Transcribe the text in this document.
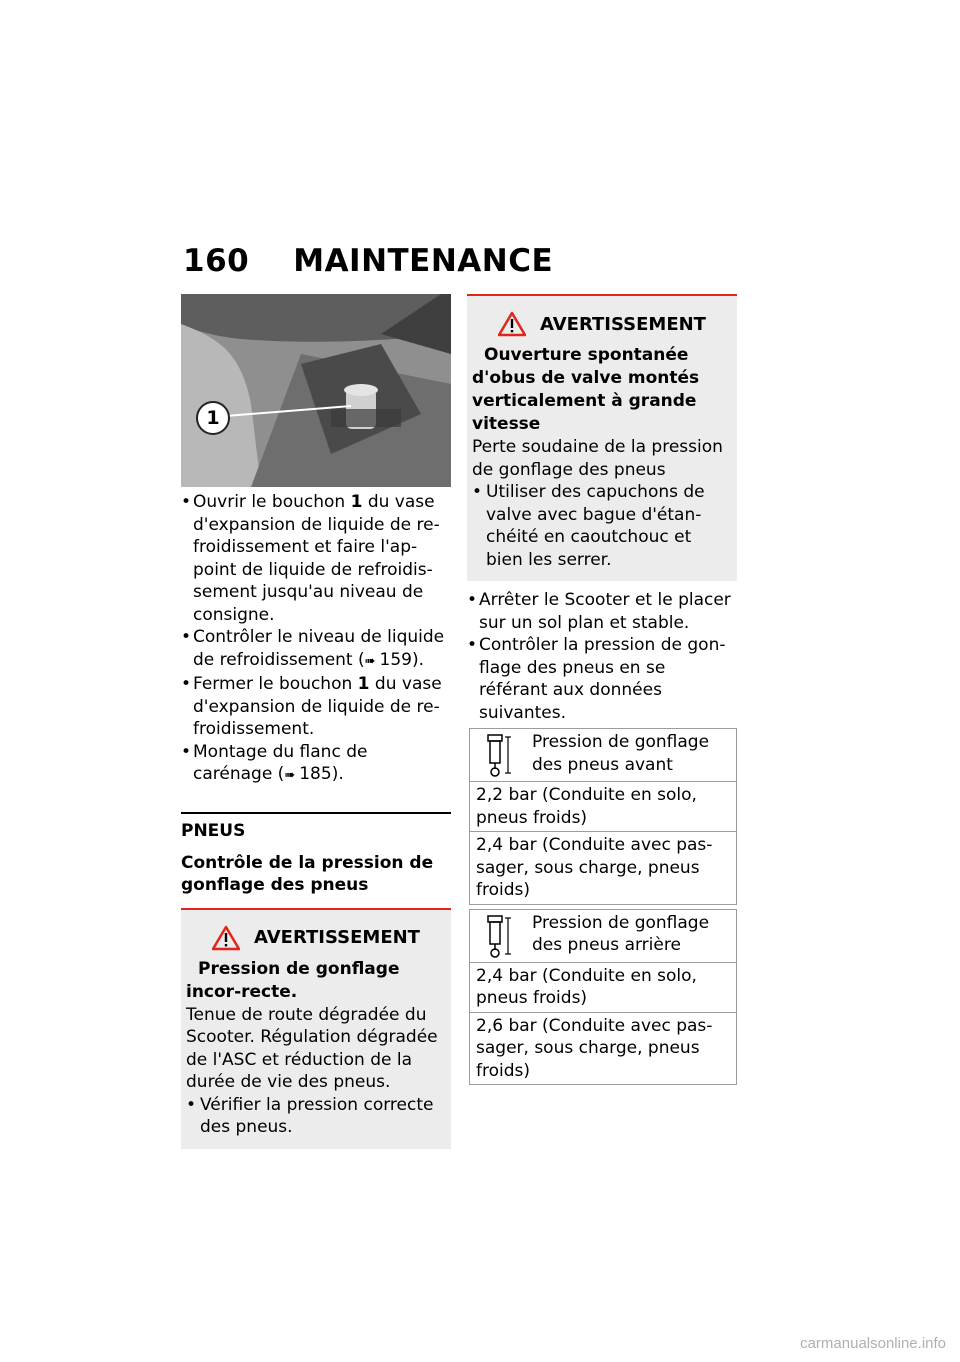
160 MAINTENANCE
1
• Ouvrir le bouchon 1 du vase d'expansion de liquide de re-froidissement et faire l'ap-point de liquide de refroidis-sement jusqu'au niveau de consigne.
• Contrôler le niveau de liquide de refroidissement (➠ 159).
• Fermer le bouchon 1 du vase d'expansion de liquide de re-froidissement.
• Montage du flanc de carénage (➠ 185).
PNEUS
Contrôle de la pression de gonflage des pneus
AVERTISSEMENT
Pression de gonflage incor-recte.
Tenue de route dégradée du Scooter. Régulation dégradée de l'ASC et réduction de la durée de vie des pneus.
• Vérifier la pression correcte des pneus.
AVERTISSEMENT
Ouverture spontanée d'obus de valve montés verticalement à grande vitesse
Perte soudaine de la pression de gonflage des pneus
• Utiliser des capuchons de valve avec bague d'étan-chéité en caoutchouc et bien les serrer.
• Arrêter le Scooter et le placer sur un sol plan et stable.
• Contrôler la pression de gon-flage des pneus en se référant aux données suivantes.
Pression de gonflage des pneus avant

2,2 bar (Conduite en solo, pneus froids)
2,4 bar (Conduite avec pas-sager, sous charge, pneus froids)
Pression de gonflage des pneus arrière

2,4 bar (Conduite en solo, pneus froids)
2,6 bar (Conduite avec pas-sager, sous charge, pneus froids)
carmanualsonline.info
